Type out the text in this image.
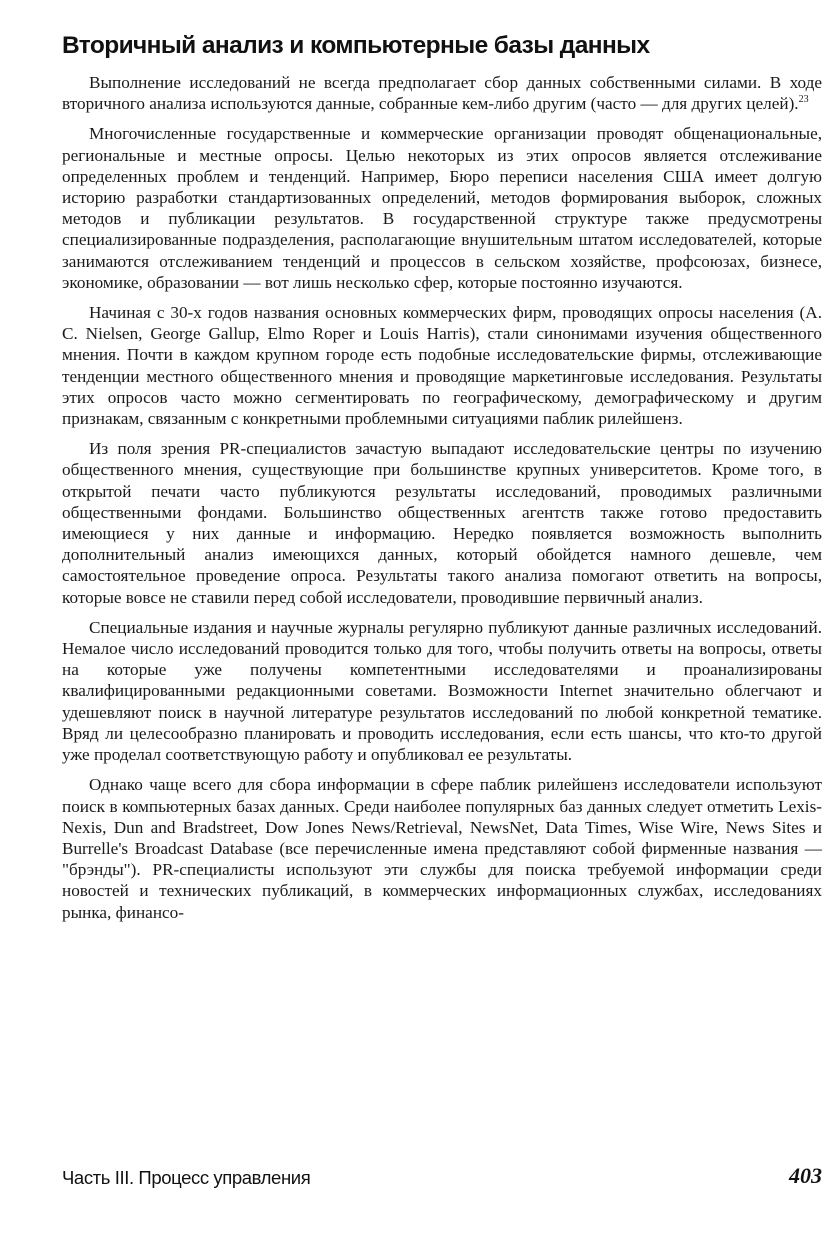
Вторичный анализ и компьютерные базы данных

Выполнение исследований не всегда предполагает сбор данных собственными силами. В ходе вторичного анализа используются данные, собранные кем-либо другим (часто — для других целей).$^{23}$

Многочисленные государственные и коммерческие организации проводят общенациональные, региональные и местные опросы. Целью некоторых из этих опросов является отслеживание определенных проблем и тенденций. Например, Бюро переписи населения США имеет долгую историю разработки стандартизованных определений, методов формирования выборок, сложных методов и публикации результатов. В государственной структуре также предусмотрены специализированные подразделения, располагающие внушительным штатом исследователей, которые занимаются отслеживанием тенденций и процессов в сельском хозяйстве, профсоюзах, бизнесе, экономике, образовании — вот лишь несколько сфер, которые постоянно изучаются.

Начиная с 30-х годов названия основных коммерческих фирм, проводящих опросы населения (A. C. Nielsen, George Gallup, Elmo Roper и Louis Harris), стали синонимами изучения общественного мнения. Почти в каждом крупном городе есть подобные исследовательские фирмы, отслеживающие тенденции местного общественного мнения и проводящие маркетинговые исследования. Результаты этих опросов часто можно сегментировать по географическому, демографическому и другим признакам, связанным с конкретными проблемными ситуациями паблик рилейшенз.

Из поля зрения PR-специалистов зачастую выпадают исследовательские центры по изучению общественного мнения, существующие при большинстве крупных университетов. Кроме того, в открытой печати часто публикуются результаты исследований, проводимых различными общественными фондами. Большинство общественных агентств также готово предоставить имеющиеся у них данные и информацию. Нередко появляется возможность выполнить дополнительный анализ имеющихся данных, который обойдется намного дешевле, чем самостоятельное проведение опроса. Результаты такого анализа помогают ответить на вопросы, которые вовсе не ставили перед собой исследователи, проводившие первичный анализ.

Специальные издания и научные журналы регулярно публикуют данные различных исследований. Немалое число исследований проводится только для того, чтобы получить ответы на вопросы, ответы на которые уже получены компетентными исследователями и проанализированы квалифицированными редакционными советами. Возможности Internet значительно облегчают и удешевляют поиск в научной литературе результатов исследований по любой конкретной тематике. Вряд ли целесообразно планировать и проводить исследования, если есть шансы, что кто-то другой уже проделал соответствующую работу и опубликовал ее результаты.

Однако чаще всего для сбора информации в сфере паблик рилейшенз исследователи используют поиск в компьютерных базах данных. Среди наиболее популярных баз данных следует отметить Lexis-Nexis, Dun and Bradstreet, Dow Jones News/Retrieval, NewsNet, Data Times, Wise Wire, News Sites и Burrelle's Broadcast Database (все перечисленные имена представляют собой фирменные названия — "брэнды"). PR-специалисты используют эти службы для поиска требуемой информации среди новостей и технических публикаций, в коммерческих информационных службах, исследованиях рынка, финансо-

Часть III. Процесс управления	403
